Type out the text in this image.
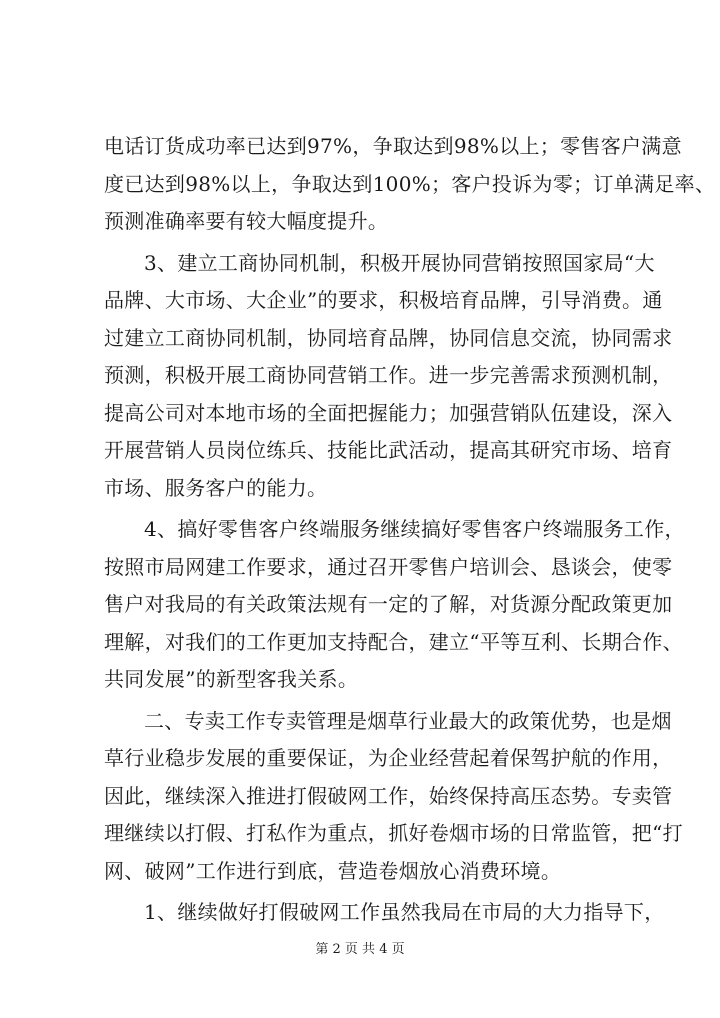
电话订货成功率已达到97%，争取达到98%以上；零售客户满意
度已达到98%以上，争取达到100%；客户投诉为零；订单满足率、
预测准确率要有较大幅度提升。
3、建立工商协同机制，积极开展协同营销按照国家局“大
品牌、大市场、大企业”的要求，积极培育品牌，引导消费。通
过建立工商协同机制，协同培育品牌，协同信息交流，协同需求
预测，积极开展工商协同营销工作。进一步完善需求预测机制，
提高公司对本地市场的全面把握能力；加强营销队伍建设，深入
开展营销人员岗位练兵、技能比武活动，提高其研究市场、培育
市场、服务客户的能力。
4、搞好零售客户终端服务继续搞好零售客户终端服务工作，
按照市局网建工作要求，通过召开零售户培训会、恳谈会，使零
售户对我局的有关政策法规有一定的了解，对货源分配政策更加
理解，对我们的工作更加支持配合，建立“平等互利、长期合作、
共同发展”的新型客我关系。
二、专卖工作专卖管理是烟草行业最大的政策优势，也是烟
草行业稳步发展的重要保证，为企业经营起着保驾护航的作用，
因此，继续深入推进打假破网工作，始终保持高压态势。专卖管
理继续以打假、打私作为重点，抓好卷烟市场的日常监管，把“打
网、破网”工作进行到底，营造卷烟放心消费环境。
1、继续做好打假破网工作虽然我局在市局的大力指导下，
第 2 页 共 4 页
